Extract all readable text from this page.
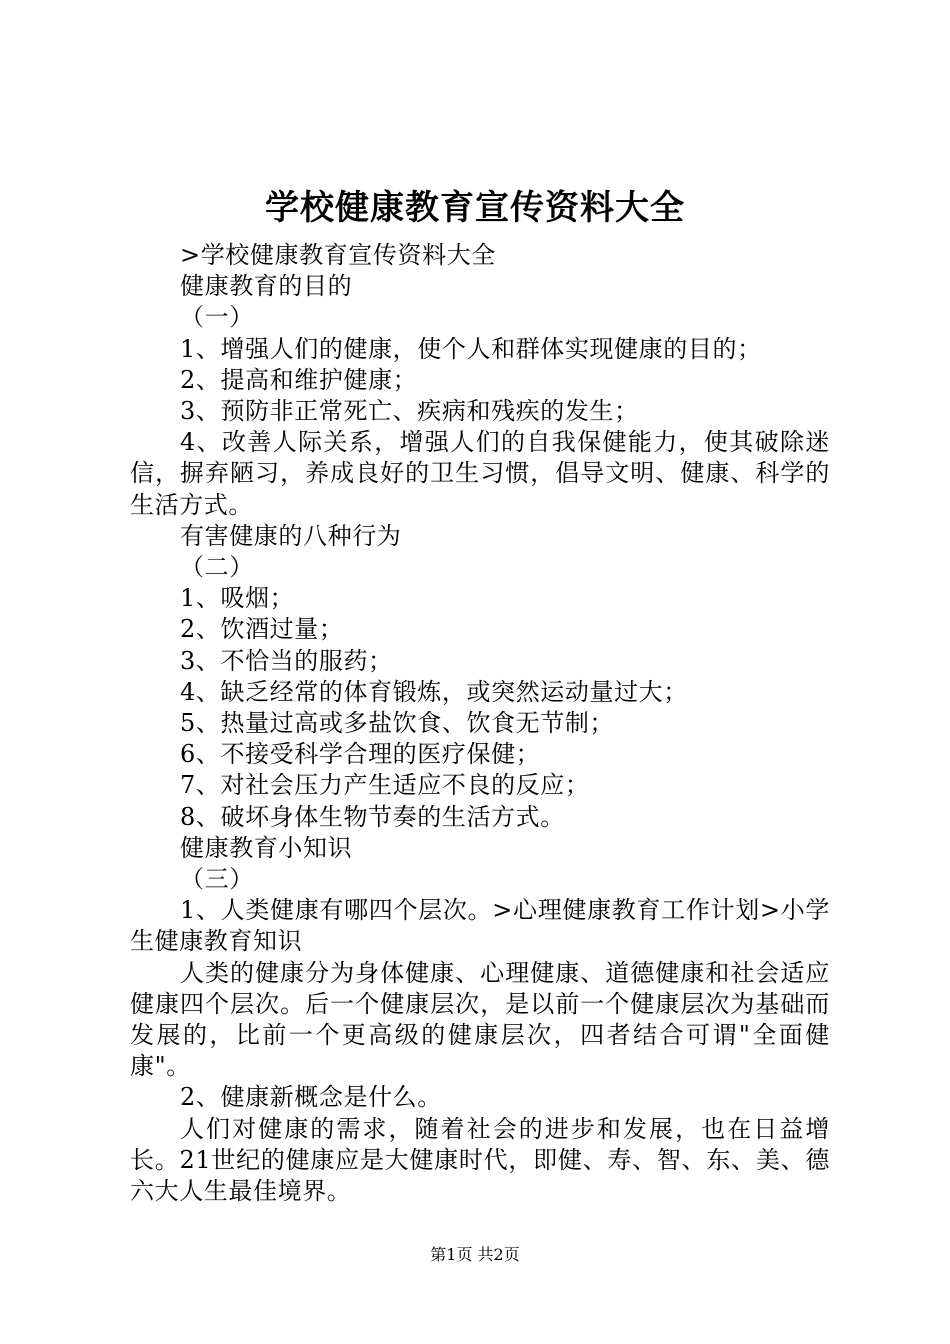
学校健康教育宣传资料大全

>学校健康教育宣传资料大全

健康教育的目的

（一）

1、增强人们的健康，使个人和群体实现健康的目的；

2、提高和维护健康；

3、预防非正常死亡、疾病和残疾的发生；

4、改善人际关系，增强人们的自我保健能力，使其破除迷信，摒弃陋习，养成良好的卫生习惯，倡导文明、健康、科学的生活方式。

有害健康的八种行为

（二）

1、吸烟；

2、饮酒过量；

3、不恰当的服药；

4、缺乏经常的体育锻炼，或突然运动量过大；

5、热量过高或多盐饮食、饮食无节制；

6、不接受科学合理的医疗保健；

7、对社会压力产生适应不良的反应；

8、破坏身体生物节奏的生活方式。

健康教育小知识

（三）

1、人类健康有哪四个层次。>心理健康教育工作计划>小学生健康教育知识

人类的健康分为身体健康、心理健康、道德健康和社会适应健康四个层次。后一个健康层次，是以前一个健康层次为基础而发展的，比前一个更高级的健康层次，四者结合可谓"全面健康"。

2、健康新概念是什么。

人们对健康的需求，随着社会的进步和发展，也在日益增长。21世纪的健康应是大健康时代，即健、寿、智、东、美、德六大人生最佳境界。

第1页 共2页
